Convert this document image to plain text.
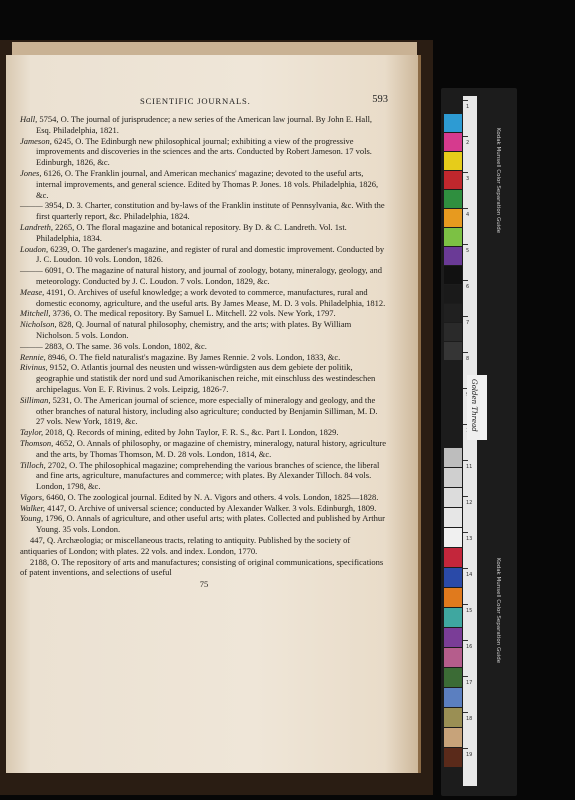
SCIENTIFIC JOURNALS.	593

Hall, 5754, O. The journal of jurisprudence; a new series of the American law journal. By John E. Hall, Esq. Philadelphia, 1821.

Jameson, 6245, O. The Edinburgh new philosophical journal; exhibiting a view of the progressive improvements and discoveries in the sciences and the arts. Conducted by Robert Jameson. 17 vols. Edinburgh, 1826, &c.

Jones, 6126, O. The Franklin journal, and American mechanics' magazine; devoted to the useful arts, internal improvements, and general science. Edited by Thomas P. Jones. 18 vols. Philadelphia, 1826, &c.

——— 3954, D. 3. Charter, constitution and by-laws of the Franklin institute of Pennsylvania, &c. With the first quarterly report, &c. Philadelphia, 1824.

Landreth, 2265, O. The floral magazine and botanical repository. By D. & C. Landreth. Vol. 1st. Philadelphia, 1834.

Loudon, 6239, O. The gardener's magazine, and register of rural and domestic improvement. Conducted by J. C. Loudon. 10 vols. London, 1826.

——— 6091, O. The magazine of natural history, and journal of zoology, botany, mineralogy, geology, and meteorology. Conducted by J. C. Loudon. 7 vols. London, 1829, &c.

Mease, 4191, O. Archives of useful knowledge; a work devoted to commerce, manufactures, rural and domestic economy, agriculture, and the useful arts. By James Mease, M. D. 3 vols. Philadelphia, 1812.

Mitchell, 3736, O. The medical repository. By Samuel L. Mitchell. 22 vols. New York, 1797.

Nicholson, 828, Q. Journal of natural philosophy, chemistry, and the arts; with plates. By William Nicholson. 5 vols. London.

——— 2883, O. The same. 36 vols. London, 1802, &c.

Rennie, 8946, O. The field naturalist's magazine. By James Rennie. 2 vols. London, 1833, &c.

Rivinus, 9152, O. Atlantis journal des neusten und wissen-würdigsten aus dem gebiete der politik, geographie und statistik der nord und sud Amorikanischen reiche, mit einschluss des westindeschen archipelagus. Von E. F. Rivinus. 2 vols. Leipzig, 1826-7.

Silliman, 5231, O. The American journal of science, more especially of mineralogy and geology, and the other branches of natural history, including also agriculture; conducted by Benjamin Silliman, M. D. 27 vols. New York, 1819, &c.

Taylor, 2018, Q. Records of mining, edited by John Taylor, F. R. S., &c. Part I. London, 1829.

Thomson, 4652, O. Annals of philosophy, or magazine of chemistry, mineralogy, natural history, agriculture and the arts, by Thomas Thomson, M. D. 28 vols. London, 1814, &c.

Tilloch, 2702, O. The philosophical magazine; comprehending the various branches of science, the liberal and fine arts, agriculture, manufactures and commerce; with plates. By Alexander Tilloch. 84 vols. London, 1798, &c.

Vigors, 6460, O. The zoological journal. Edited by N. A. Vigors and others. 4 vols. London, 1825—1828.

Walker, 4147, O. Archive of universal science; conducted by Alexander Walker. 3 vols. Edinburgh, 1809.

Young, 1796, O. Annals of agriculture, and other useful arts; with plates. Collected and published by Arthur Young. 35 vols. London.

447, Q. Archæologia; or miscellaneous tracts, relating to antiquity. Published by the society of antiquaries of London; with plates. 22 vols. and index. London, 1770.

2188, O. The repository of arts and manufactures; consisting of original communications, specifications of patent inventions, and selections of useful

75
1
2
3
4
5
6
7
8
11
12
13
14
15
16
17
18
19
Kodak Munsell Color Separation Guide
Kodak Munsell Color Separation Guide
Golden Thread
